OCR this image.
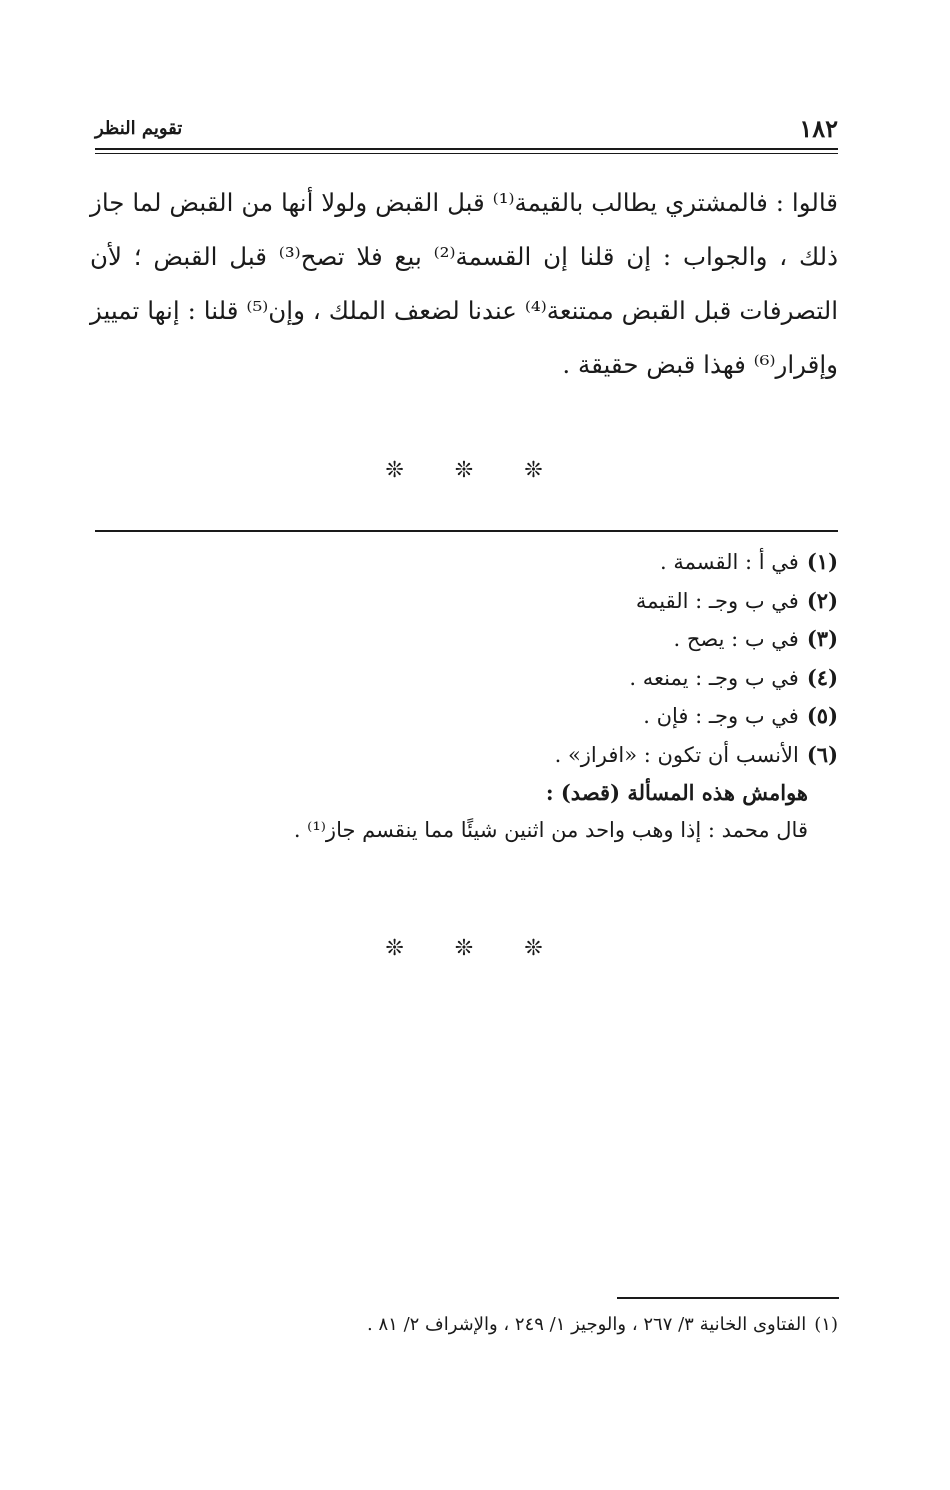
١٨٢
تقويم النظر
قالوا : فالمشتري يطالب بالقيمة⁽¹⁾ قبل القبض ولولا أنها من القبض لما جاز
ذلك ، والجواب : إن قلنا إن القسمة⁽²⁾ بيع فلا تصح⁽³⁾ قبل القبض ؛ لأن
التصرفات قبل القبض ممتنعة⁽⁴⁾ عندنا لضعف الملك ، وإن⁽⁵⁾ قلنا : إنها تمييز
وإقرار⁽⁶⁾ فهذا قبض حقيقة .
❊ ❊ ❊
(١)في أ : القسمة .
(٢)في ب وجـ : القيمة
(٣)في ب : يصح .
(٤)في ب وجـ : يمنعه .
(٥)في ب وجـ : فإن .
(٦)الأنسب أن تكون : «افراز» .
هوامش هذه المسألة (قصد) :
قال محمد : إذا وهب واحد من اثنين شيئًا مما ينقسم جاز⁽¹⁾ .
❊ ❊ ❊
(١)الفتاوى الخانية ٣/ ٢٦٧ ، والوجيز ١/ ٢٤٩ ، والإشراف ٢/ ٨١ .
